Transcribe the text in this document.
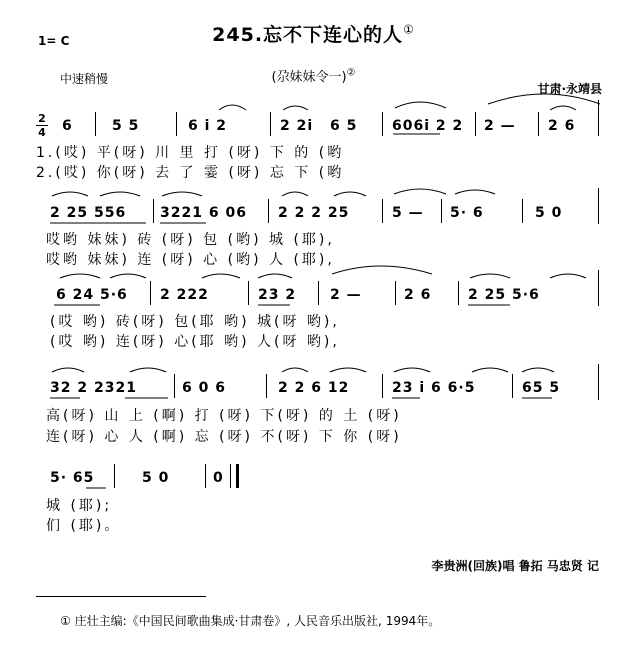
245.忘不下连心的人①
1= C
中速稍慢	(尕妹妹令一)②
甘肃·永靖县
2
4 6	5 5	6 i 2	2 2i 6 5 606i 2 2 2 — 2 6
1.(哎) 平(呀) 川 里 打 (呀) 下 的 (哟
2.(哎) 你(呀) 去 了 霎 (呀) 忘 下 (哟
2 25 556 3221 6 06 2 2 2 25	5 — 5· 6	5 0
哎哟 妹妹) 砖 (呀) 包 (哟) 城 (耶),
哎哟 妹妹) 连 (呀) 心 (哟) 人 (耶),
6 24 5·6 2 222	23 2 2 —	2 6	2 25 5·6
(哎 哟) 砖(呀) 包(耶 哟) 城(呀 哟),
(哎 哟) 连(呀) 心(耶 哟) 人(呀 哟),
32 2 2321	6 0 6	2 2 6 12	23 i 6 6·5	65 5
高(呀) 山 上 (啊) 打 (呀) 下(呀) 的 土 (呀)
连(呀) 心 人 (啊) 忘 (呀) 不(呀) 下 你 (呀)
5· 65	5 0	0
城 (耶);
们 (耶)。
李贵洲(回族)唱 鲁拓 马忠贤 记
① 庄壮主编:《中国民间歌曲集成·甘肃卷》, 人民音乐出版社, 1994年。
